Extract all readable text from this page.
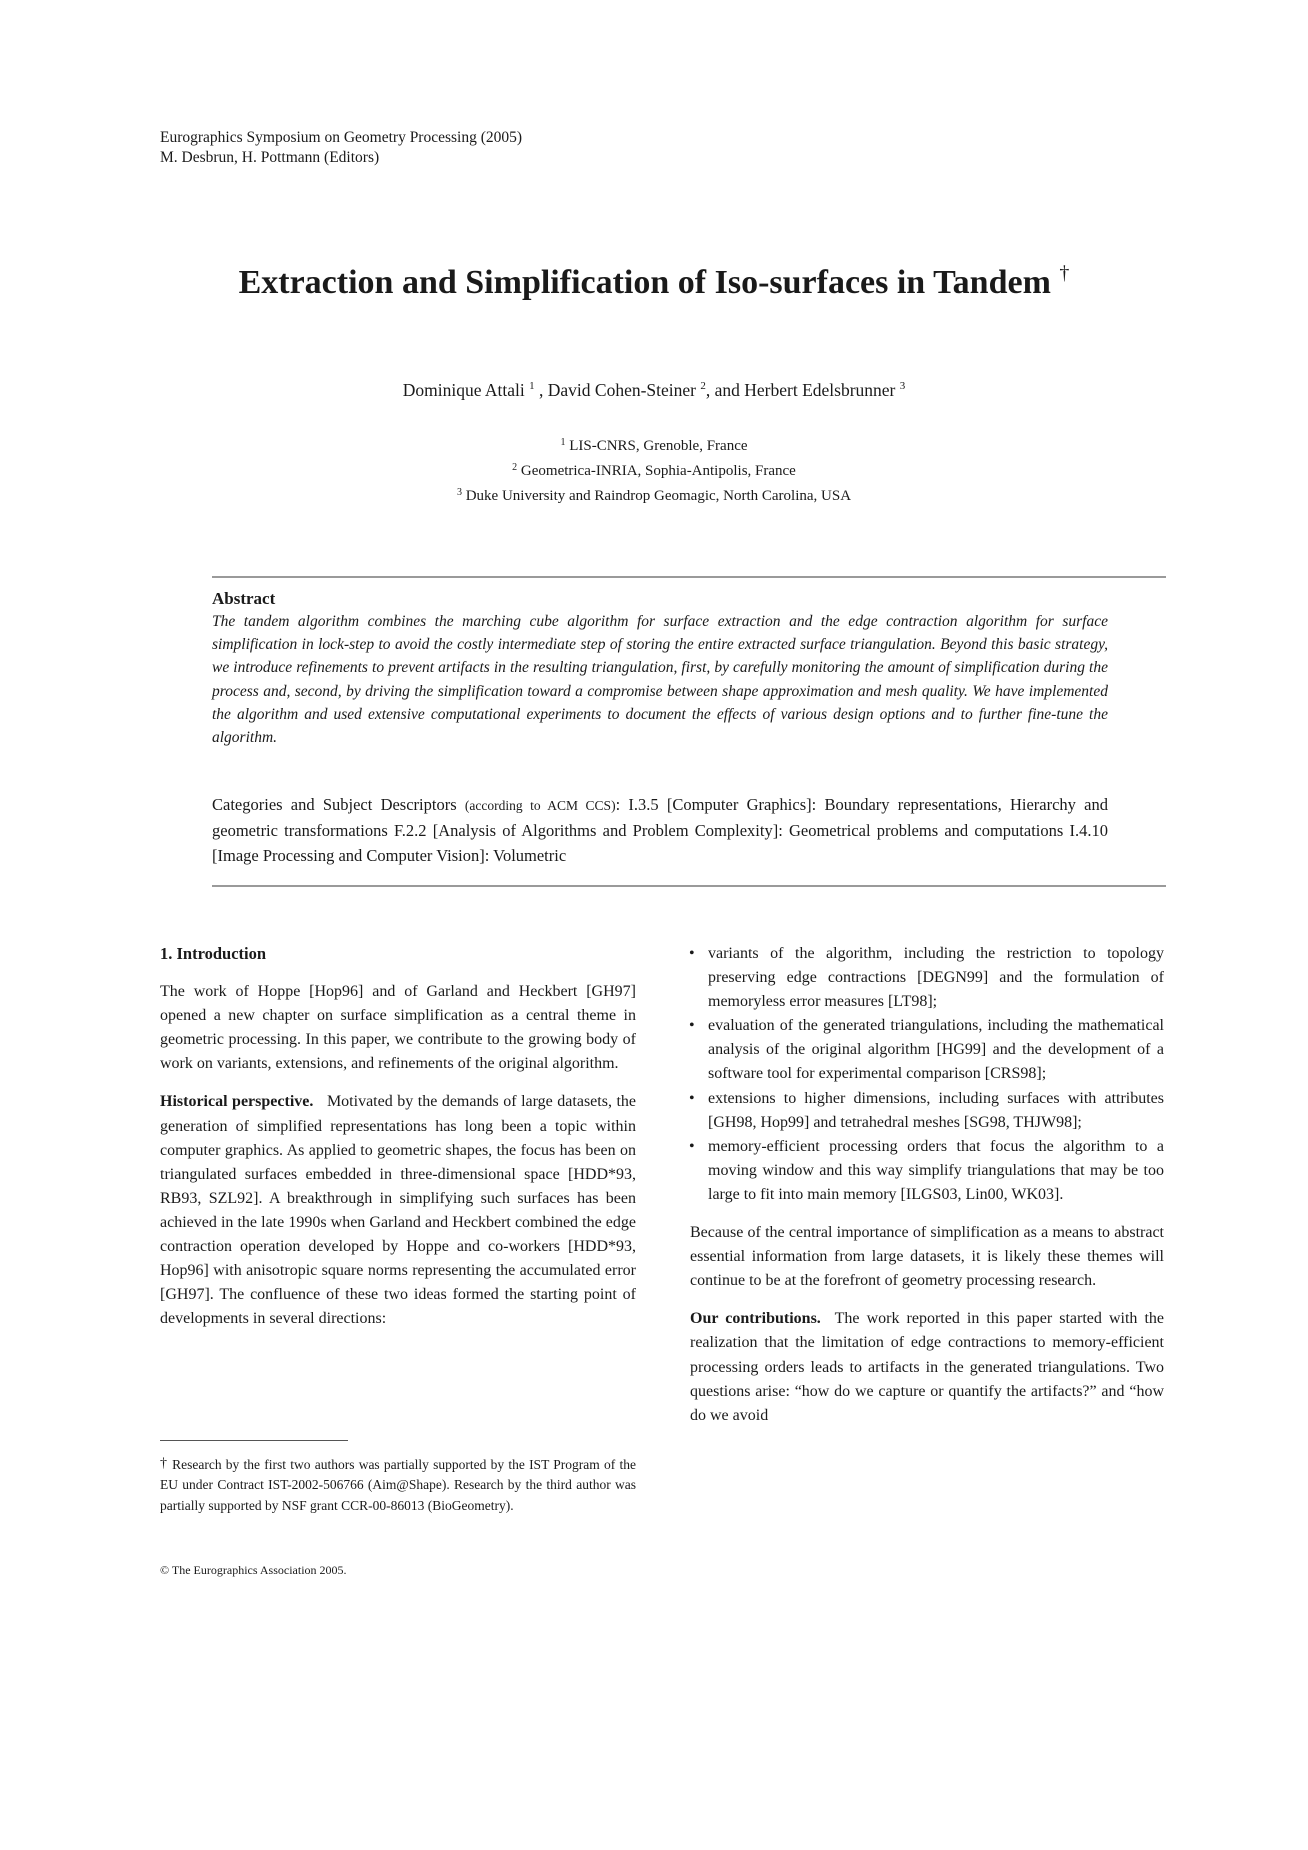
Eurographics Symposium on Geometry Processing (2005)
M. Desbrun, H. Pottmann (Editors)
Extraction and Simplification of Iso-surfaces in Tandem †
Dominique Attali $^1$ , David Cohen-Steiner $^2$, and Herbert Edelsbrunner $^3$
$^1$ LIS-CNRS, Grenoble, France
$^2$ Geometrica-INRIA, Sophia-Antipolis, France
$^3$ Duke University and Raindrop Geomagic, North Carolina, USA
Abstract
The tandem algorithm combines the marching cube algorithm for surface extraction and the edge contraction algorithm for surface simplification in lock-step to avoid the costly intermediate step of storing the entire extracted surface triangulation. Beyond this basic strategy, we introduce refinements to prevent artifacts in the resulting triangulation, first, by carefully monitoring the amount of simplification during the process and, second, by driving the simplification toward a compromise between shape approximation and mesh quality. We have implemented the algorithm and used extensive computational experiments to document the effects of various design options and to further fine-tune the algorithm.
Categories and Subject Descriptors (according to ACM CCS): I.3.5 [Computer Graphics]: Boundary representations, Hierarchy and geometric transformations F.2.2 [Analysis of Algorithms and Problem Complexity]: Geometrical problems and computations I.4.10 [Image Processing and Computer Vision]: Volumetric
1. Introduction

The work of Hoppe [Hop96] and of Garland and Heckbert [GH97] opened a new chapter on surface simplification as a central theme in geometric processing. In this paper, we contribute to the growing body of work on variants, extensions, and refinements of the original algorithm.

Historical perspective. Motivated by the demands of large datasets, the generation of simplified representations has long been a topic within computer graphics. As applied to geometric shapes, the focus has been on triangulated surfaces embedded in three-dimensional space [HDD*93, RB93, SZL92]. A breakthrough in simplifying such surfaces has been achieved in the late 1990s when Garland and Heckbert combined the edge contraction operation developed by Hoppe and co-workers [HDD*93, Hop96] with anisotropic square norms representing the accumulated error [GH97]. The confluence of these two ideas formed the starting point of developments in several directions:

† Research by the first two authors was partially supported by the IST Program of the EU under Contract IST-2002-506766 (Aim@Shape). Research by the third author was partially supported by NSF grant CCR-00-86013 (BioGeometry).
© The Eurographics Association 2005.
• variants of the algorithm, including the restriction to topology preserving edge contractions [DEGN99] and the formulation of memoryless error measures [LT98];
• evaluation of the generated triangulations, including the mathematical analysis of the original algorithm [HG99] and the development of a software tool for experimental comparison [CRS98];
• extensions to higher dimensions, including surfaces with attributes [GH98, Hop99] and tetrahedral meshes [SG98, THJW98];
• memory-efficient processing orders that focus the algorithm to a moving window and this way simplify triangulations that may be too large to fit into main memory [ILGS03, Lin00, WK03].

Because of the central importance of simplification as a means to abstract essential information from large datasets, it is likely these themes will continue to be at the forefront of geometry processing research.

Our contributions. The work reported in this paper started with the realization that the limitation of edge contractions to memory-efficient processing orders leads to artifacts in the generated triangulations. Two questions arise: “how do we capture or quantify the artifacts?” and “how do we avoid
